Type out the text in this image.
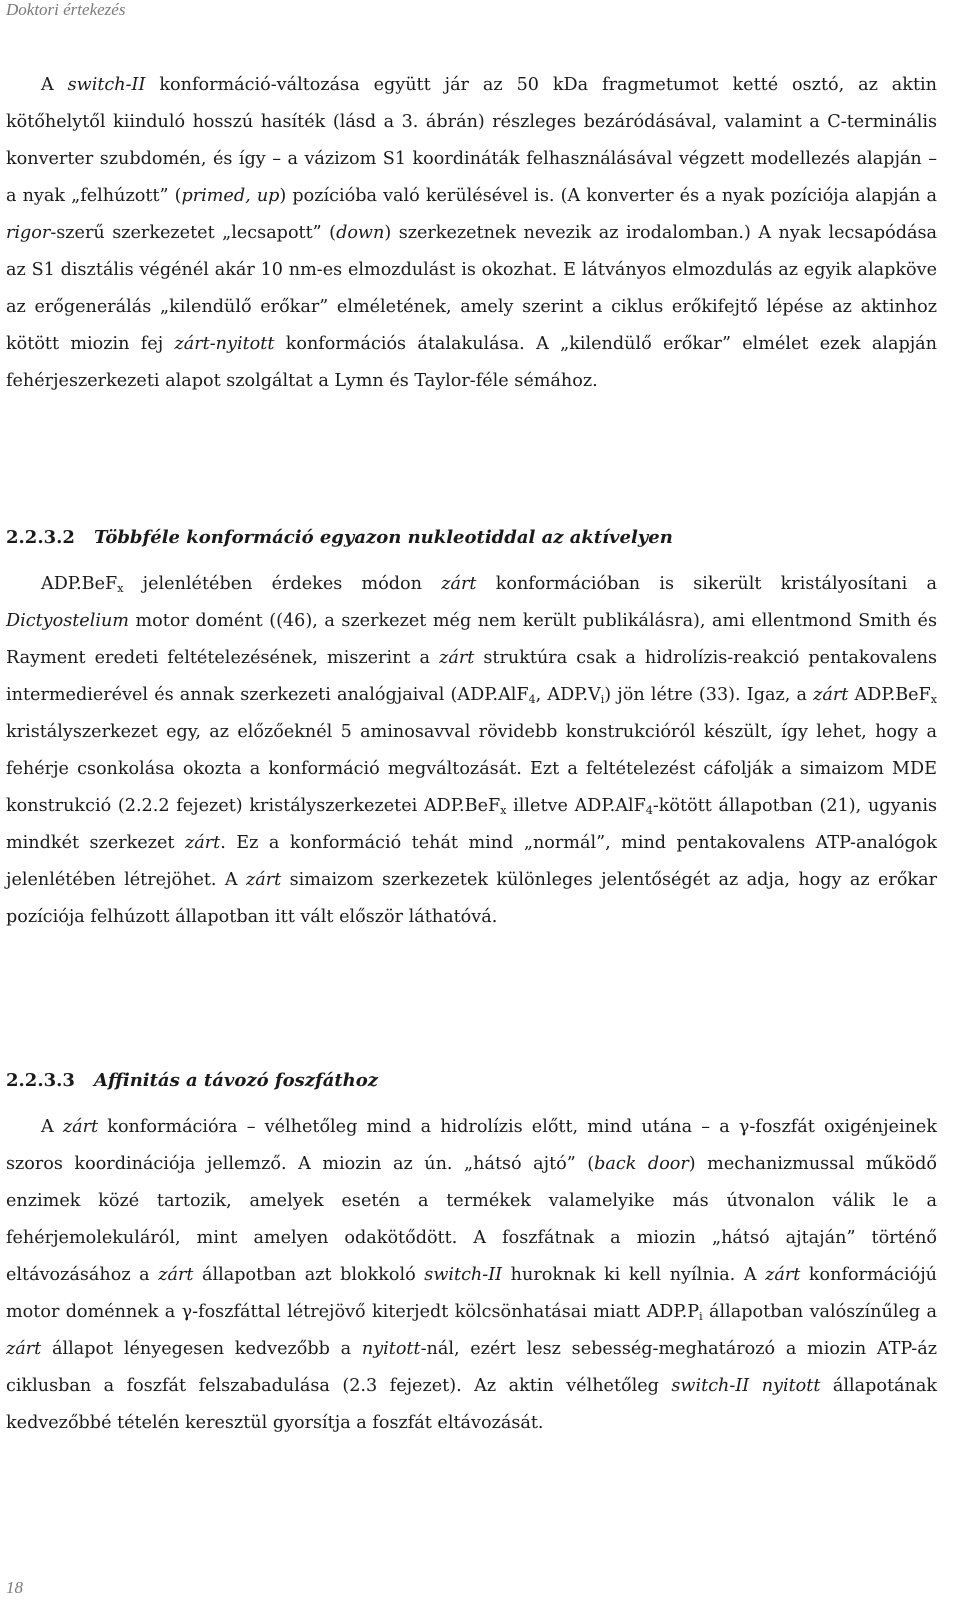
Doktori értekezés

A switch-II konformáció-változása együtt jár az 50 kDa fragmetumot ketté osztó, az aktin kötőhelytől kiinduló hosszú hasíték (lásd a 3. ábrán) részleges bezáródásával, valamint a C-terminális konverter szubdomén, és így – a vázizom S1 koordináták felhasználásával végzett modellezés alapján – a nyak „felhúzott” (primed, up) pozícióba való kerülésével is. (A konverter és a nyak pozíciója alapján a rigor-szerű szerkezetet „lecsapott” (down) szerkezetnek nevezik az irodalomban.) A nyak lecsapódása az S1 disztális végénél akár 10 nm-es elmozdulást is okozhat. E látványos elmozdulás az egyik alapköve az erőgenerálás „kilendülő erőkar” elméletének, amely szerint a ciklus erőkifejtő lépése az aktinhoz kötött miozin fej zárt-nyitott konformációs átalakulása. A „kilendülő erőkar” elmélet ezek alapján fehérjeszerkezeti alapot szolgáltat a Lymn és Taylor-féle sémához.

2.2.3.2 Többféle konformáció egyazon nukleotiddal az aktívelyen

ADP.BeF$_x$ jelenlétében érdekes módon zárt konformációban is sikerült kristályosítani a Dictyostelium motor domént ((46), a szerkezet még nem került publikálásra), ami ellentmond Smith és Rayment eredeti feltételezésének, miszerint a zárt struktúra csak a hidrolízis-reakció pentakovalens intermedierével és annak szerkezeti analógjaival (ADP.AlF$_4$, $ADP.V_i$) jön létre (33). Igaz, a zárt ADP.BeF$_x$ kristályszerkezet egy, az előzőeknél 5 aminosavval rövidebb konstrukcióról készült, így lehet, hogy a fehérje csonkolása okozta a konformáció megváltozását. Ezt a feltételezést cáfolják a simaizom MDE konstrukció (2.2.2 fejezet) kristályszerkezetei ADP.BeF$_x$ illetve ADP.AlF$_4$-kötött állapotban (21), ugyanis mindkét szerkezet zárt. Ez a konformáció tehát mind „normál”, mind pentakovalens ATP-analógok jelenlétében létrejöhet. A zárt simaizom szerkezetek különleges jelentőségét az adja, hogy az erőkar pozíciója felhúzott állapotban itt vált először láthatóvá.

2.2.3.3 Affinitás a távozó foszfáthoz

A zárt konformációra – vélhetőleg mind a hidrolízis előtt, mind utána – a γ-foszfát oxigénjeinek szoros koordinációja jellemző. A miozin az ún. „hátsó ajtó” (back door) mechanizmussal működő enzimek közé tartozik, amelyek esetén a termékek valamelyike más útvonalon válik le a fehérjemolekuláról, mint amelyen odakötődött. A foszfátnak a miozin „hátsó ajtaján” történő eltávozásához a zárt állapotban azt blokkoló switch-II huroknak ki kell nyílnia. A zárt konformációjú motor doménnek a γ-foszfáttal létrejövő kiterjedt kölcsönhatásai miatt $ADP.P_i$ állapotban valószínűleg a zárt állapot lényegesen kedvezőbb a nyitott-nál, ezért lesz sebesség-meghatározó a miozin ATP-áz ciklusban a foszfát felszabadulása (2.3 fejezet). Az aktin vélhetőleg switch-II nyitott állapotának kedvezőbbé tételén keresztül gyorsítja a foszfát eltávozását.

18
